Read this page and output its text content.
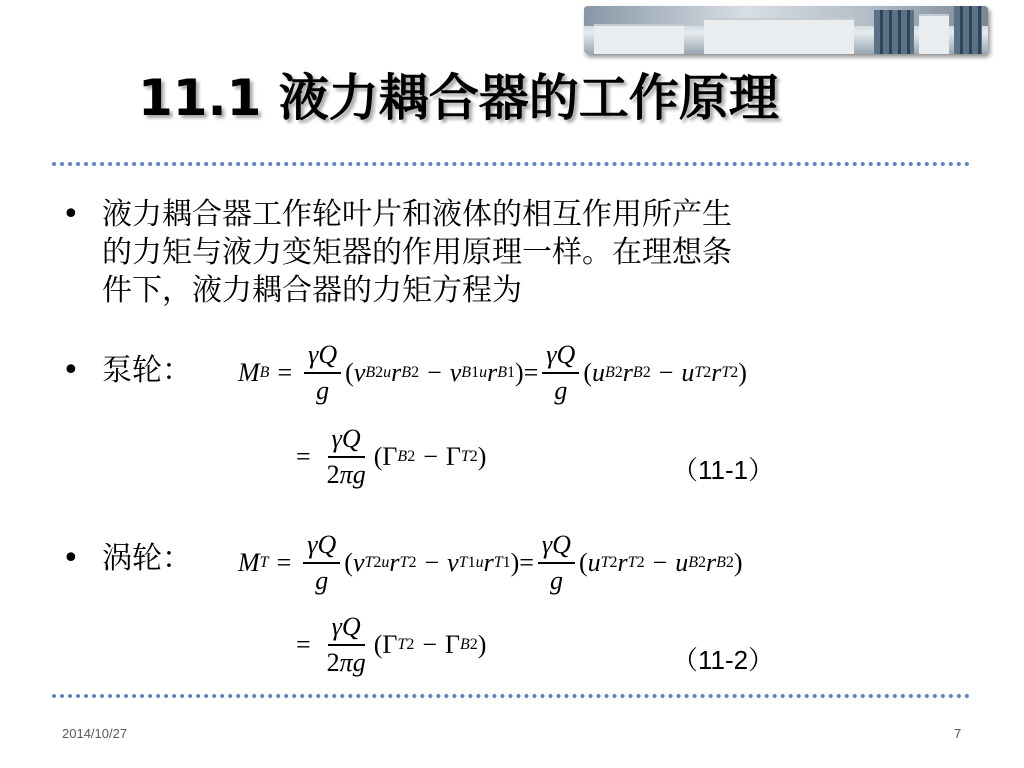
11.1 液力耦合器的工作原理
• 液力耦合器工作轮叶片和液体的相互作用所产生
的力矩与液力变矩器的作用原理一样。在理想条
件下，液力耦合器的力矩方程为
• 泵轮： M $B = \frac{\gamma Q}{g}$ ( v B2u r B2 − v B1u r B1 )= $\frac{\gamma Q}{g}$ ( u B2 r B2 − u T2 r T2 )
= $\frac{\gamma Q}{2\pi g} (\Gamma$ B2 − Γ T2 )	（11-1）
• 涡轮： M $T = \frac{\gamma Q}{g}$ ( v T2u r T2 − v T1u r T1 )= $\frac{\gamma Q}{g}$ ( u T2 r T2 − u B2 r B2 )
= $\frac{\gamma Q}{2\pi g} (\Gamma$ T2 − Γ B2 )
（11-2）
2014/10/27	7
